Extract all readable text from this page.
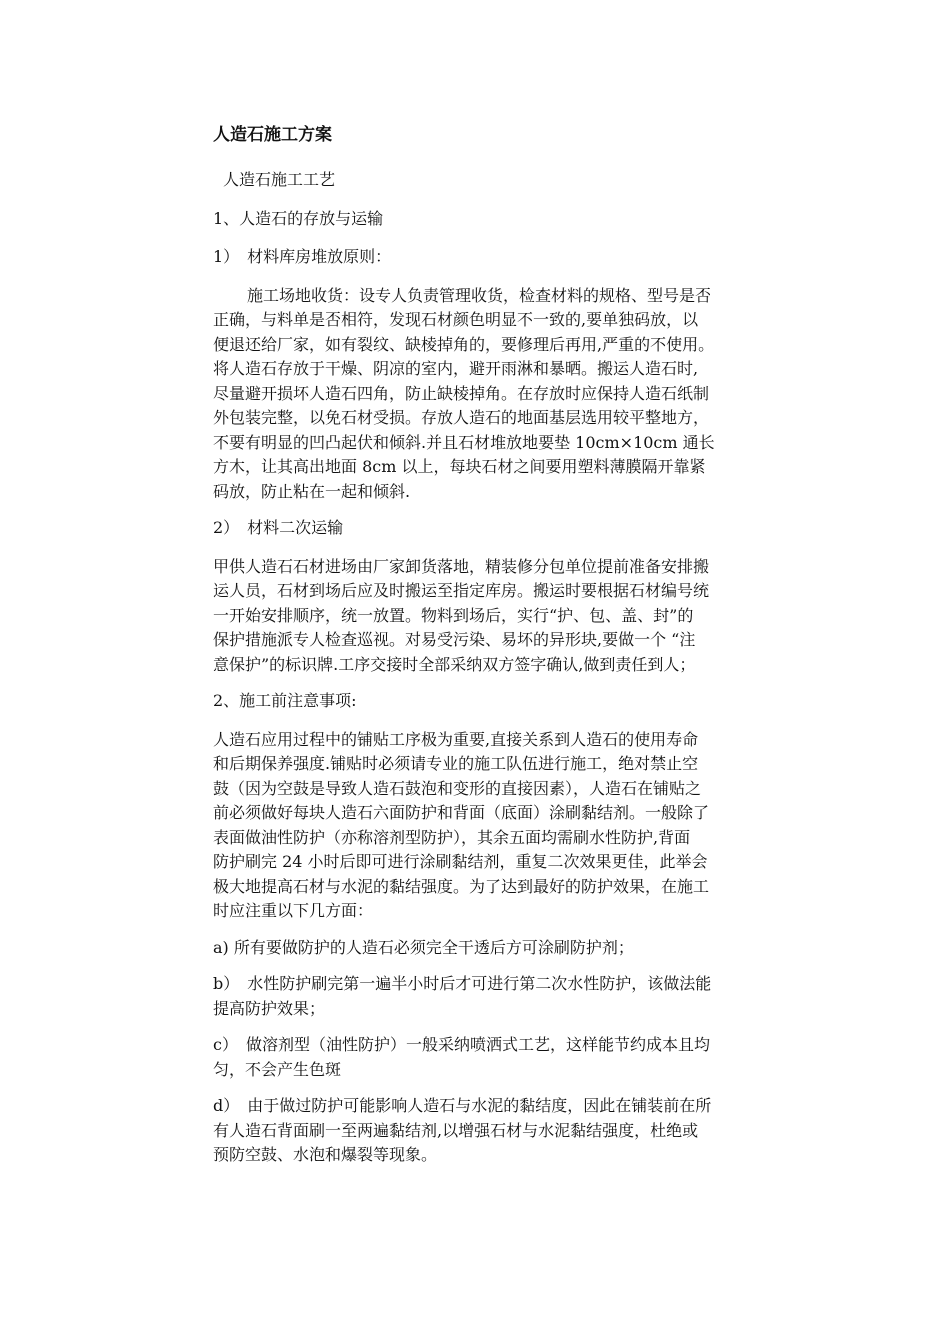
人造石施工方案
人造石施工工艺
1、人造石的存放与运输
1）　材料库房堆放原则：
施工场地收货：设专人负责管理收货，检查材料的规格、型号是否
正确，与料单是否相符，发现石材颜色明显不一致的,要单独码放，以
便退还给厂家，如有裂纹、缺棱掉角的，要修理后再用,严重的不使用。
将人造石存放于干燥、阴凉的室内，避开雨淋和暴晒。搬运人造石时,
尽量避开损坏人造石四角，防止缺棱掉角。在存放时应保持人造石纸制
外包装完整，以免石材受损。存放人造石的地面基层选用较平整地方，
不要有明显的凹凸起伏和倾斜.并且石材堆放地要垫 10cm×10cm 通长
方木，让其高出地面 8cm 以上，每块石材之间要用塑料薄膜隔开靠紧
码放，防止粘在一起和倾斜.
2）　材料二次运输
甲供人造石石材进场由厂家卸货落地，精装修分包单位提前准备安排搬
运人员，石材到场后应及时搬运至指定库房。搬运时要根据石材编号统
一开始安排顺序，统一放置。物料到场后，实行“护、包、盖、封”的
保护措施派专人检查巡视。对易受污染、易坏的异形块,要做一个 “注
意保护”的标识牌.工序交接时全部采纳双方签字确认,做到责任到人；
2、施工前注意事项:
人造石应用过程中的铺贴工序极为重要,直接关系到人造石的使用寿命
和后期保养强度.铺贴时必须请专业的施工队伍进行施工，绝对禁止空
鼓（因为空鼓是导致人造石鼓泡和变形的直接因素），人造石在铺贴之
前必须做好每块人造石六面防护和背面（底面）涂刷黏结剂。一般除了
表面做油性防护（亦称溶剂型防护），其余五面均需刷水性防护,背面
防护刷完 24 小时后即可进行涂刷黏结剂，重复二次效果更佳，此举会
极大地提高石材与水泥的黏结强度。为了达到最好的防护效果，在施工
时应注重以下几方面：
a) 所有要做防护的人造石必须完全干透后方可涂刷防护剂；
b）　水性防护刷完第一遍半小时后才可进行第二次水性防护，该做法能
提高防护效果；
c）　做溶剂型（油性防护）一般采纳喷洒式工艺，这样能节约成本且均
匀，不会产生色斑
d）　由于做过防护可能影响人造石与水泥的黏结度，因此在铺装前在所
有人造石背面刷一至两遍黏结剂,以增强石材与水泥黏结强度，杜绝或
预防空鼓、水泡和爆裂等现象。
